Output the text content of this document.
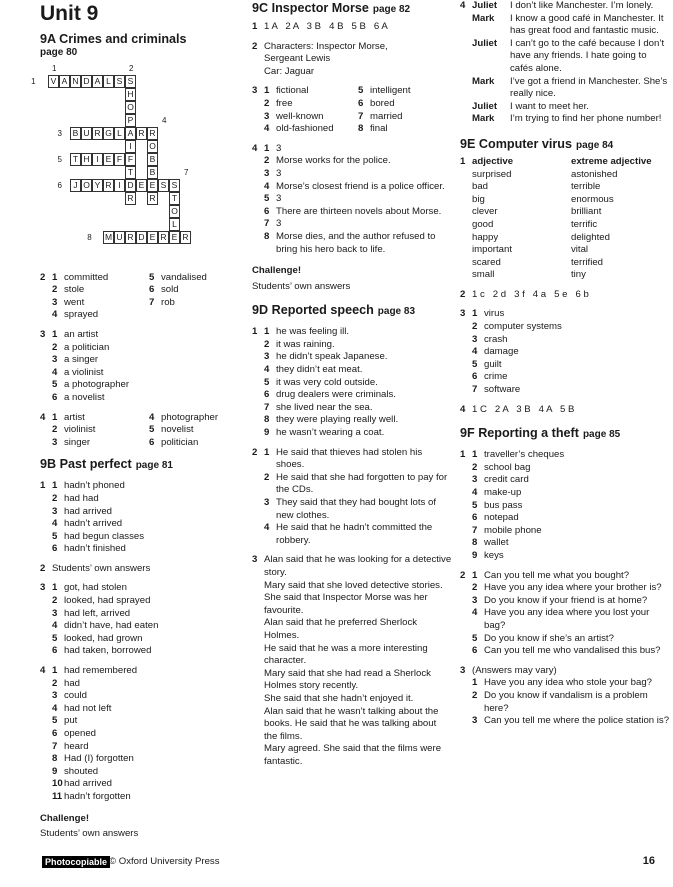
Unit 9
9A Crimes and criminals
page 80
V A N D A L S S
H
O
P
A
I
F
T
D
R
B U R G L	R
T H I E F
J O Y R I	E E S
R
O
B
B
R
S
T
O
L
E
M U R D E R R
1	2
1
3
4
5
6
7
8
2 1 committed
2 stole
3 went
4 sprayed
5 vandalised
6 sold
7 rob
3 1 an artist
2 a politician
3 a singer
4 a violinist
5 a photographer
6 a novelist
4 1 artist
2 violinist
3 singer
4 photographer
5 novelist
6 politician
9B Past perfect page 81
1 1 hadn’t phoned
2 had had
3 had arrived
4 hadn’t arrived
5 had begun classes
6 hadn’t finished
2 Students’ own answers
3 1 got, had stolen
2 looked, had sprayed
3 had left, arrived
4 didn’t have, had eaten
5 looked, had grown
6 had taken, borrowed
4 1 had remembered
2 had
3 could
4 had not left
5 put
6 opened
7 heard
8 Had (I) forgotten
9 shouted
10 had arrived
11 hadn’t forgotten
Challenge!
Students’ own answers
9C Inspector Morse page 82
1 1 A   2 A   3 B   4 B   5 B   6 A
2 Characters: Inspector Morse,
Sergeant Lewis
Car: Jaguar
3 1 fictional
2 free
3 well-known
4 old-fashioned
5 intelligent
6 bored
7 married
8 final
4 1 3
2 Morse works for the police.
3 3
4 Morse’s closest friend is a police officer.
5 3
6 There are thirteen novels about Morse.
7 3
8 Morse dies, and the author refused to bring his hero back to life.
Challenge!
Students’ own answers
9D Reported speech page 83
1 1 he was feeling ill.
2 it was raining.
3 he didn’t speak Japanese.
4 they didn’t eat meat.
5 it was very cold outside.
6 drug dealers were criminals.
7 she lived near the sea.
8 they were playing really well.
9 he wasn’t wearing a coat.
2 1 He said that thieves had stolen his shoes.
2 He said that she had forgotten to pay for the CDs.
3 They said that they had bought lots of new clothes.
4 He said that he hadn’t committed the robbery.
3 Alan said that he was looking for a detective story.
Mary said that she loved detective stories.
She said that Inspector Morse was her favourite.
Alan said that he preferred Sherlock Holmes.
He said that he was a more interesting character.
Mary said that she had read a Sherlock Holmes story recently.
She said that she hadn’t enjoyed it.
Alan said that he wasn’t talking about the books. He said that he was talking about the films.
Mary agreed. She said that the films were fantastic.
4 Juliet	I don’t like Manchester. I’m lonely.
Mark	I know a good café in Manchester. It has great food and fantastic music.
Juliet	I can’t go to the café because I don’t have any friends. I hate going to cafés alone.
Mark	I’ve got a friend in Manchester. She’s really nice.
Juliet	I want to meet her.
Mark	I’m trying to find her phone number!
9E Computer virus page 84
1 adjective	extreme adjective
surprised	astonished
bad	terrible
big	enormous
clever	brilliant
good	terrific
happy	delighted
important	vital
scared	terrified
small	tiny
2 1 c   2 d   3 f   4 a   5 e   6 b
3 1 virus
2 computer systems
3 crash
4 damage
5 guilt
6 crime
7 software
4 1 C   2 A   3 B   4 A   5 B
9F Reporting a theft page 85
1 1 traveller’s cheques
2 school bag
3 credit card
4 make-up
5 bus pass
6 notepad
7 mobile phone
8 wallet
9 keys
2 1 Can you tell me what you bought?
2 Have you any idea where your brother is?
3 Do you know if your friend is at home?
4 Have you any idea where you lost your bag?
5 Do you know if she’s an artist?
6 Can you tell me who vandalised this bus?
3 (Answers may vary)
1 Have you any idea who stole your bag?
2 Do you know if vandalism is a problem here?
3 Can you tell me where the police station is?
Photocopiable © Oxford University Press	16
